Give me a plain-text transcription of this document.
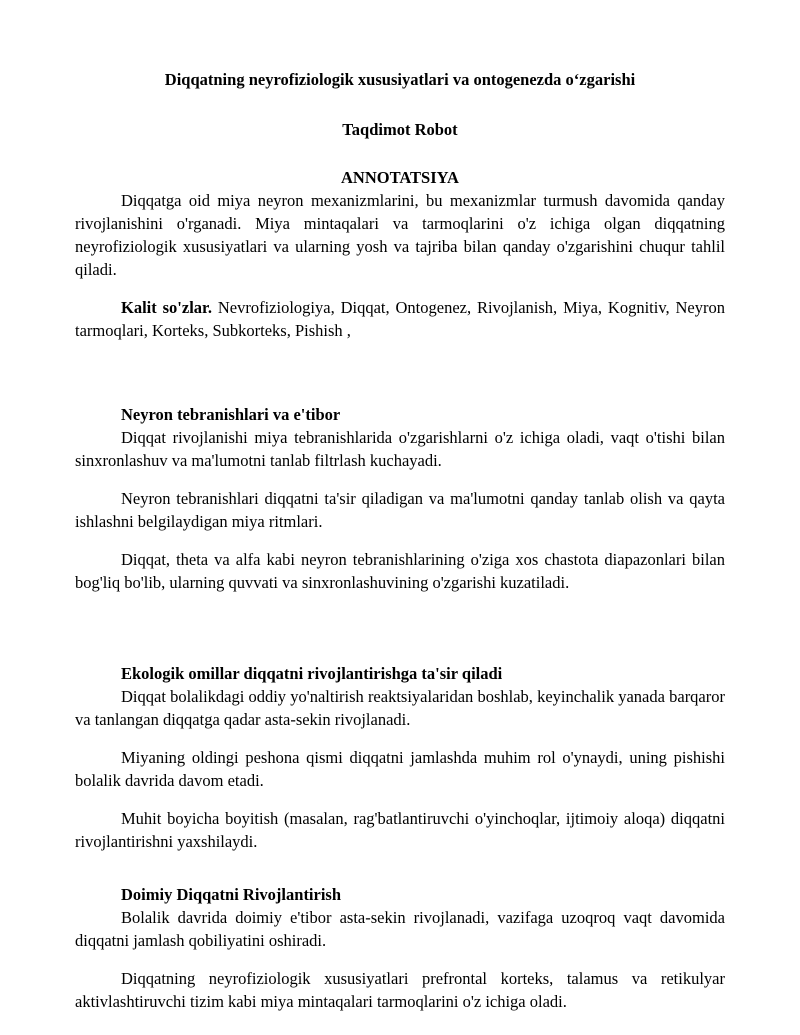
Diqqatning neyrofiziologik xususiyatlari va ontogenezda o‘zgarishi
Taqdimot Robot
ANNOTATSIYA

Diqqatga oid miya neyron mexanizmlarini, bu mexanizmlar turmush davomida qanday rivojlanishini o'rganadi. Miya mintaqalari va tarmoqlarini o'z ichiga olgan diqqatning neyrofiziologik xususiyatlari va ularning yosh va tajriba bilan qanday o'zgarishini chuqur tahlil qiladi.

Kalit so'zlar. Nevrofiziologiya, Diqqat, Ontogenez, Rivojlanish, Miya, Kognitiv, Neyron tarmoqlari, Korteks, Subkorteks, Pishish ,

Neyron tebranishlari va e'tibor

Diqqat rivojlanishi miya tebranishlarida o'zgarishlarni o'z ichiga oladi, vaqt o'tishi bilan sinxronlashuv va ma'lumotni tanlab filtrlash kuchayadi.

Neyron tebranishlari diqqatni ta'sir qiladigan va ma'lumotni qanday tanlab olish va qayta ishlashni belgilaydigan miya ritmlari.

Diqqat, theta va alfa kabi neyron tebranishlarining o'ziga xos chastota diapazonlari bilan bog'liq bo'lib, ularning quvvati va sinxronlashuvining o'zgarishi kuzatiladi.

Ekologik omillar diqqatni rivojlantirishga ta'sir qiladi

Diqqat bolalikdagi oddiy yo'naltirish reaktsiyalaridan boshlab, keyinchalik yanada barqaror va tanlangan diqqatga qadar asta-sekin rivojlanadi.

Miyaning oldingi peshona qismi diqqatni jamlashda muhim rol o'ynaydi, uning pishishi bolalik davrida davom etadi.

Muhit boyicha boyitish (masalan, rag'batlantiruvchi o'yinchoqlar, ijtimoiy aloqa) diqqatni rivojlantirishni yaxshilaydi.

Doimiy Diqqatni Rivojlantirish

Bolalik davrida doimiy e'tibor asta-sekin rivojlanadi, vazifaga uzoqroq vaqt davomida diqqatni jamlash qobiliyatini oshiradi.

Diqqatning neyrofiziologik xususiyatlari prefrontal korteks, talamus va retikulyar aktivlashtiruvchi tizim kabi miya mintaqalari tarmoqlarini o'z ichiga oladi.
